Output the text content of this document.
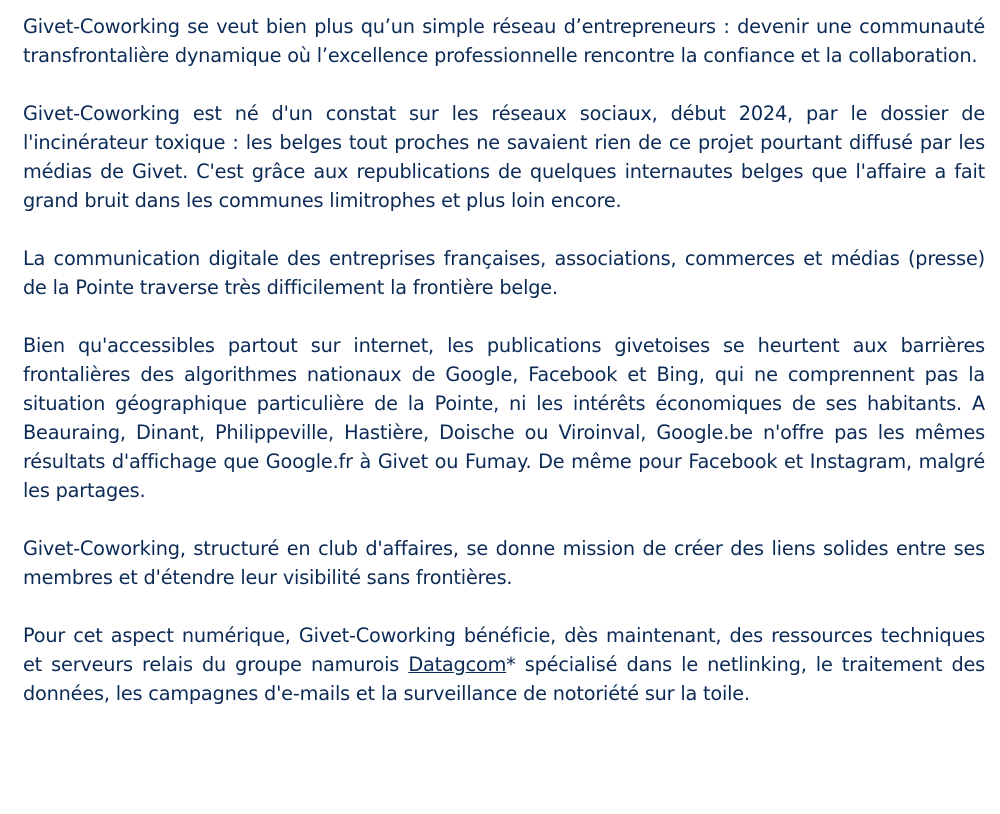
Givet-Coworking se veut bien plus qu’un simple réseau d’entrepreneurs : devenir une communauté transfrontalière dynamique où l’excellence professionnelle rencontre la confiance et la collaboration.

Givet-Coworking est né d'un constat sur les réseaux sociaux, début 2024, par le dossier de l'incinérateur toxique : les belges tout proches ne savaient rien de ce projet pourtant diffusé par les médias de Givet. C'est grâce aux republications de quelques internautes belges que l'affaire a fait grand bruit dans les communes limitrophes et plus loin encore.

La communication digitale des entreprises françaises, associations, commerces et médias (presse) de la Pointe traverse très difficilement la frontière belge.

Bien qu'accessibles partout sur internet, les publications givetoises se heurtent aux barrières frontalières des algorithmes nationaux de Google, Facebook et Bing, qui ne comprennent pas la situation géographique particulière de la Pointe, ni les intérêts économiques de ses habitants. A Beauraing, Dinant, Philippeville, Hastière, Doische ou Viroinval, Google.be n'offre pas les mêmes résultats d'affichage que Google.fr à Givet ou Fumay. De même pour Facebook et Instagram, malgré les partages.

Givet-Coworking, structuré en club d'affaires, se donne mission de créer des liens solides entre ses membres et d'étendre leur visibilité sans frontières.

Pour cet aspect numérique, Givet-Coworking bénéficie, dès maintenant, des ressources techniques et serveurs relais du groupe namurois Datagcom* spécialisé dans le netlinking, le traitement des données, les campagnes d'e-mails et la surveillance de notoriété sur la toile.
